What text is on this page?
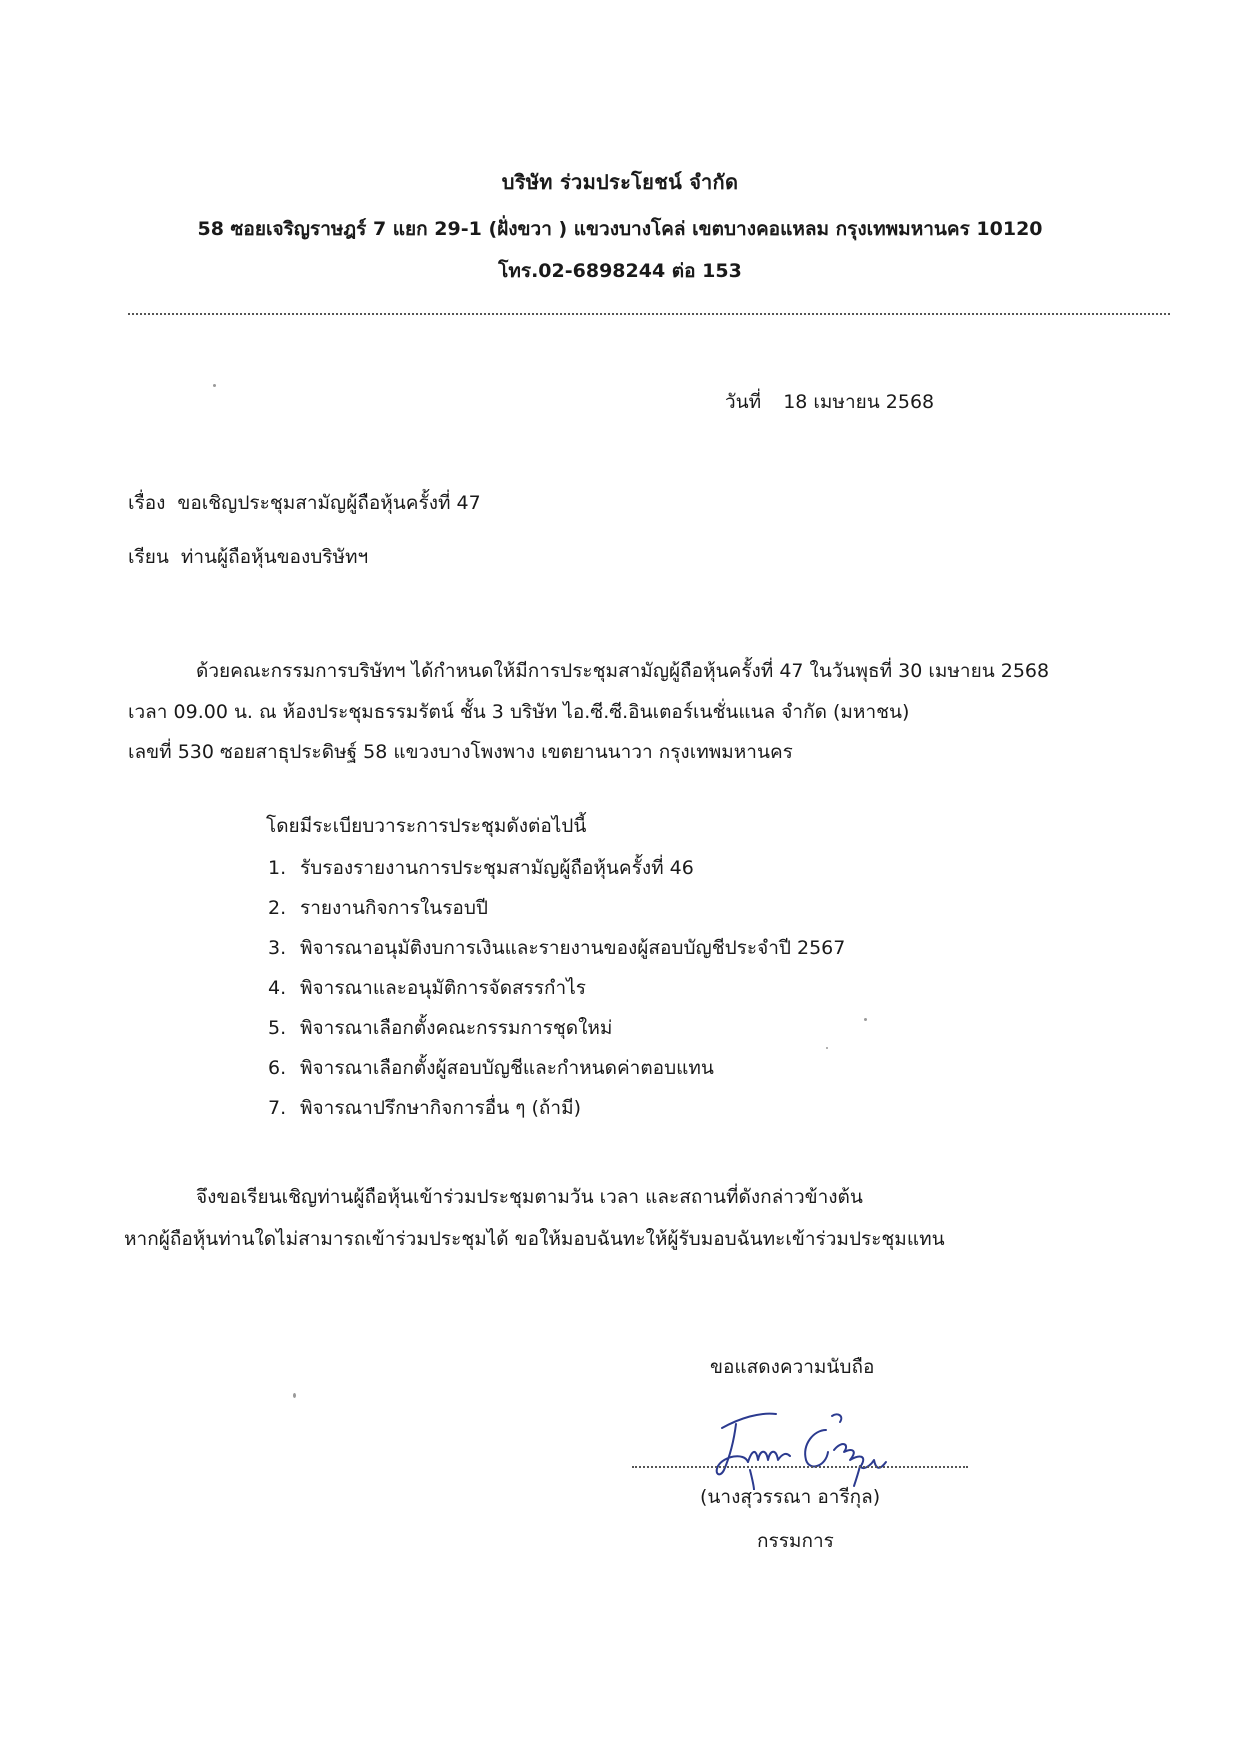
บริษัท ร่วมประโยชน์ จำกัด
58 ซอยเจริญราษฎร์ 7 แยก 29-1 (ฝั่งขวา ) แขวงบางโคล่ เขตบางคอแหลม กรุงเทพมหานคร 10120
โทร.02-6898244 ต่อ 153
วันที่ 18 เมษายน 2568
เรื่อง ขอเชิญประชุมสามัญผู้ถือหุ้นครั้งที่ 47
เรียน ท่านผู้ถือหุ้นของบริษัทฯ
ด้วยคณะกรรมการบริษัทฯ ได้กำหนดให้มีการประชุมสามัญผู้ถือหุ้นครั้งที่ 47 ในวันพุธที่ 30 เมษายน 2568
เวลา 09.00 น. ณ ห้องประชุมธรรมรัตน์ ชั้น 3 บริษัท ไอ.ซี.ซี.อินเตอร์เนชั่นแนล จำกัด (มหาชน)
เลขที่ 530 ซอยสาธุประดิษฐ์ 58 แขวงบางโพงพาง เขตยานนาวา กรุงเทพมหานคร
โดยมีระเบียบวาระการประชุมดังต่อไปนี้
1. รับรองรายงานการประชุมสามัญผู้ถือหุ้นครั้งที่ 46
2. รายงานกิจการในรอบปี
3. พิจารณาอนุมัติงบการเงินและรายงานของผู้สอบบัญชีประจำปี 2567
4. พิจารณาและอนุมัติการจัดสรรกำไร
5. พิจารณาเลือกตั้งคณะกรรมการชุดใหม่
6. พิจารณาเลือกตั้งผู้สอบบัญชีและกำหนดค่าตอบแทน
7. พิจารณาปรึกษากิจการอื่น ๆ (ถ้ามี)
จึงขอเรียนเชิญท่านผู้ถือหุ้นเข้าร่วมประชุมตามวัน เวลา และสถานที่ดังกล่าวข้างต้น
หากผู้ถือหุ้นท่านใดไม่สามารถเข้าร่วมประชุมได้ ขอให้มอบฉันทะให้ผู้รับมอบฉันทะเข้าร่วมประชุมแทน
ขอแสดงความนับถือ
(นางสุวรรณา อารีกุล)
กรรมการ
